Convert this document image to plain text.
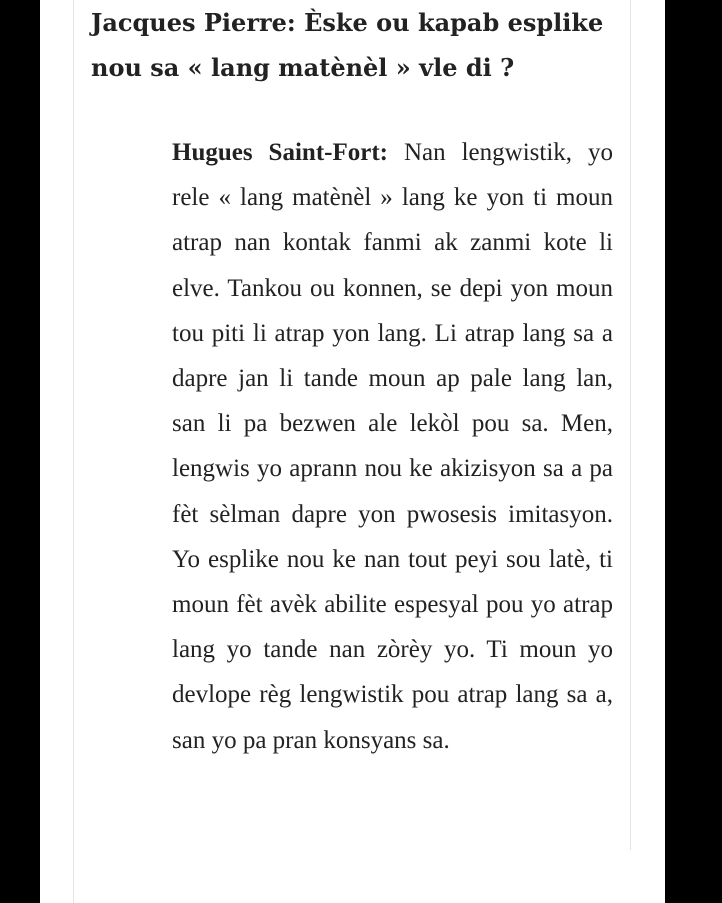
Jacques Pierre: Èske ou kapab esplike nou sa « lang matènèl » vle di ?

Hugues Saint-Fort: Nan lengwistik, yo rele « lang matènèl » lang ke yon ti moun atrap nan kontak fanmi ak zanmi kote li elve. Tankou ou konnen, se depi yon moun tou piti li atrap yon lang. Li atrap lang sa a dapre jan li tande moun ap pale lang lan, san li pa bezwen ale lekòl pou sa. Men, lengwis yo aprann nou ke akizisyon sa a pa fèt sèlman dapre yon pwosesis imitasyon. Yo esplike nou ke nan tout peyi sou latè, ti moun fèt avèk abilite espesyal pou yo atrap lang yo tande nan zòrèy yo. Ti moun yo devlope règ lengwistik pou atrap lang sa a, san yo pa pran konsyans sa.
